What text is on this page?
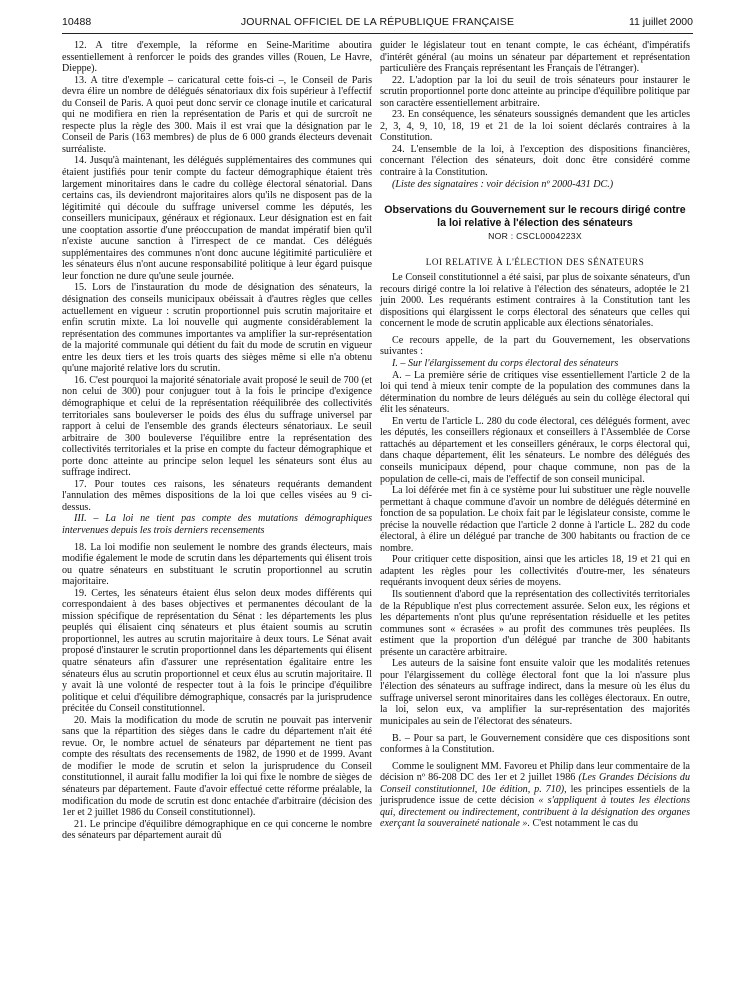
10488	JOURNAL OFFICIEL DE LA RÉPUBLIQUE FRANÇAISE	11 juillet 2000

12. A titre d'exemple, la réforme en Seine-Maritime aboutira essentiellement à renforcer le poids des grandes villes (Rouen, Le Havre, Dieppe).

13. A titre d'exemple – caricatural cette fois-ci –, le Conseil de Paris devra élire un nombre de délégués sénatoriaux dix fois supérieur à l'effectif du Conseil de Paris. A quoi peut donc servir ce clonage inutile et caricatural qui ne modifiera en rien la représentation de Paris et qui de surcroît ne respecte plus la règle des 300. Mais il est vrai que la désignation par le Conseil de Paris (163 membres) de plus de 6 000 grands électeurs devenait surréaliste.

14. Jusqu'à maintenant, les délégués supplémentaires des communes qui étaient justifiés pour tenir compte du facteur démographique étaient très largement minoritaires dans le cadre du collège électoral sénatorial. Dans certains cas, ils deviendront majoritaires alors qu'ils ne disposent pas de la légitimité qui découle du suffrage universel comme les députés, les conseillers municipaux, généraux et régionaux. Leur désignation est en fait une cooptation assortie d'une préoccupation de mandat impératif bien qu'il n'existe aucune sanction à l'irrespect de ce mandat. Ces délégués supplémentaires des communes n'ont donc aucune légitimité particulière et les sénateurs élus n'ont aucune responsabilité politique à leur égard puisque leur fonction ne dure qu'une seule journée.

15. Lors de l'instauration du mode de désignation des sénateurs, la désignation des conseils municipaux obéissait à d'autres règles que celles actuellement en vigueur : scrutin proportionnel puis scrutin majoritaire et enfin scrutin mixte. La loi nouvelle qui augmente considérablement la représentation des communes importantes va amplifier la sur-représentation de la majorité communale qui détient du fait du mode de scrutin en vigueur entre les deux tiers et les trois quarts des sièges même si elle n'a obtenu qu'une majorité relative lors du scrutin.

16. C'est pourquoi la majorité sénatoriale avait proposé le seuil de 700 (et non celui de 300) pour conjuguer tout à la fois le principe d'exigence démographique et celui de la représentation rééquilibrée des collectivités territoriales sans bouleverser le poids des élus du suffrage universel par rapport à celui de l'ensemble des grands électeurs sénatoriaux. Le seuil arbitraire de 300 bouleverse l'équilibre entre la représentation des collectivités territoriales et la prise en compte du facteur démographique et porte donc atteinte au principe selon lequel les sénateurs sont élus au suffrage indirect.

17. Pour toutes ces raisons, les sénateurs requérants demandent l'annulation des mêmes dispositions de la loi que celles visées au 9 ci-dessus.

III. – La loi ne tient pas compte des mutations démographiques intervenues depuis les trois derniers recensements

18. La loi modifie non seulement le nombre des grands électeurs, mais modifie également le mode de scrutin dans les départements qui élisent trois ou quatre sénateurs en substituant le scrutin proportionnel au scrutin majoritaire.

19. Certes, les sénateurs étaient élus selon deux modes différents qui correspondaient à des bases objectives et permanentes découlant de la mission spécifique de représentation du Sénat : les départements les plus peuplés qui élisaient cinq sénateurs et plus étaient soumis au scrutin proportionnel, les autres au scrutin majoritaire à deux tours. Le Sénat avait proposé d'instaurer le scrutin proportionnel dans les départements qui élisent quatre sénateurs afin d'assurer une représentation égalitaire entre les sénateurs élus au scrutin proportionnel et ceux élus au scrutin majoritaire. Il y avait là une volonté de respecter tout à la fois le principe d'équilibre politique et celui d'équilibre démographique, consacrés par la jurisprudence précitée du Conseil constitutionnel.

20. Mais la modification du mode de scrutin ne pouvait pas intervenir sans que la répartition des sièges dans le cadre du département n'ait été revue. Or, le nombre actuel de sénateurs par département ne tient pas compte des résultats des recensements de 1982, de 1990 et de 1999. Avant de modifier le mode de scrutin et selon la jurisprudence du Conseil constitutionnel, il aurait fallu modifier la loi qui fixe le nombre de sièges de sénateurs par département. Faute d'avoir effectué cette réforme préalable, la modification du mode de scrutin est donc entachée d'arbitraire (décision des 1er et 2 juillet 1986 du Conseil constitutionnel).

21. Le principe d'équilibre démographique en ce qui concerne le nombre des sénateurs par département aurait dû

guider le législateur tout en tenant compte, le cas échéant, d'impératifs d'intérêt général (au moins un sénateur par département et représentation particulière des Français représentant les Français de l'étranger).

22. L'adoption par la loi du seuil de trois sénateurs pour instaurer le scrutin proportionnel porte donc atteinte au principe d'équilibre politique par son caractère essentiellement arbitraire.

23. En conséquence, les sénateurs soussignés demandent que les articles 2, 3, 4, 9, 10, 18, 19 et 21 de la loi soient déclarés contraires à la Constitution.

24. L'ensemble de la loi, à l'exception des dispositions financières, concernant l'élection des sénateurs, doit donc être considéré comme contraire à la Constitution.

(Liste des signataires : voir décision nº 2000-431 DC.)

Observations du Gouvernement sur le recours dirigé contre la loi relative à l'élection des sénateurs
NOR : CSCL0004223X
LOI RELATIVE À L'ÉLECTION DES SÉNATEURS

Le Conseil constitutionnel a été saisi, par plus de soixante sénateurs, d'un recours dirigé contre la loi relative à l'élection des sénateurs, adoptée le 21 juin 2000. Les requérants estiment contraires à la Constitution tant les dispositions qui élargissent le corps électoral des sénateurs que celles qui concernent le mode de scrutin applicable aux élections sénatoriales.

Ce recours appelle, de la part du Gouvernement, les observations suivantes :

I. – Sur l'élargissement du corps électoral des sénateurs

A. – La première série de critiques vise essentiellement l'article 2 de la loi qui tend à mieux tenir compte de la population des communes dans la détermination du nombre de leurs délégués au sein du collège électoral qui élit les sénateurs.

En vertu de l'article L. 280 du code électoral, ces délégués forment, avec les députés, les conseillers régionaux et conseillers à l'Assemblée de Corse rattachés au département et les conseillers généraux, le corps électoral qui, dans chaque département, élit les sénateurs. Le nombre des délégués des conseils municipaux dépend, pour chaque commune, non pas de la population de celle-ci, mais de l'effectif de son conseil municipal.

La loi déférée met fin à ce système pour lui substituer une règle nouvelle permettant à chaque commune d'avoir un nombre de délégués déterminé en fonction de sa population. Le choix fait par le législateur consiste, comme le précise la nouvelle rédaction que l'article 2 donne à l'article L. 282 du code électoral, à élire un délégué par tranche de 300 habitants ou fraction de ce nombre.

Pour critiquer cette disposition, ainsi que les articles 18, 19 et 21 qui en adaptent les règles pour les collectivités d'outre-mer, les sénateurs requérants invoquent deux séries de moyens.

Ils soutiennent d'abord que la représentation des collectivités territoriales de la République n'est plus correctement assurée. Selon eux, les régions et les départements n'ont plus qu'une représentation résiduelle et les petites communes sont « écrasées » au profit des communes très peuplées. Ils estiment que la proportion d'un délégué par tranche de 300 habitants présente un caractère arbitraire.

Les auteurs de la saisine font ensuite valoir que les modalités retenues pour l'élargissement du collège électoral font que la loi n'assure plus l'élection des sénateurs au suffrage indirect, dans la mesure où les élus du suffrage universel seront minoritaires dans les collèges électoraux. En outre, la loi, selon eux, va amplifier la sur-représentation des majorités municipales au sein de l'électorat des sénateurs.

B. – Pour sa part, le Gouvernement considère que ces dispositions sont conformes à la Constitution.

Comme le soulignent MM. Favoreu et Philip dans leur commentaire de la décision nº 86-208 DC des 1er et 2 juillet 1986 (Les Grandes Décisions du Conseil constitutionnel, 10e édition, p. 710), les principes essentiels de la jurisprudence issue de cette décision « s'appliquent à toutes les élections qui, directement ou indirectement, contribuent à la désignation des organes exerçant la souveraineté nationale ». C'est notamment le cas du
